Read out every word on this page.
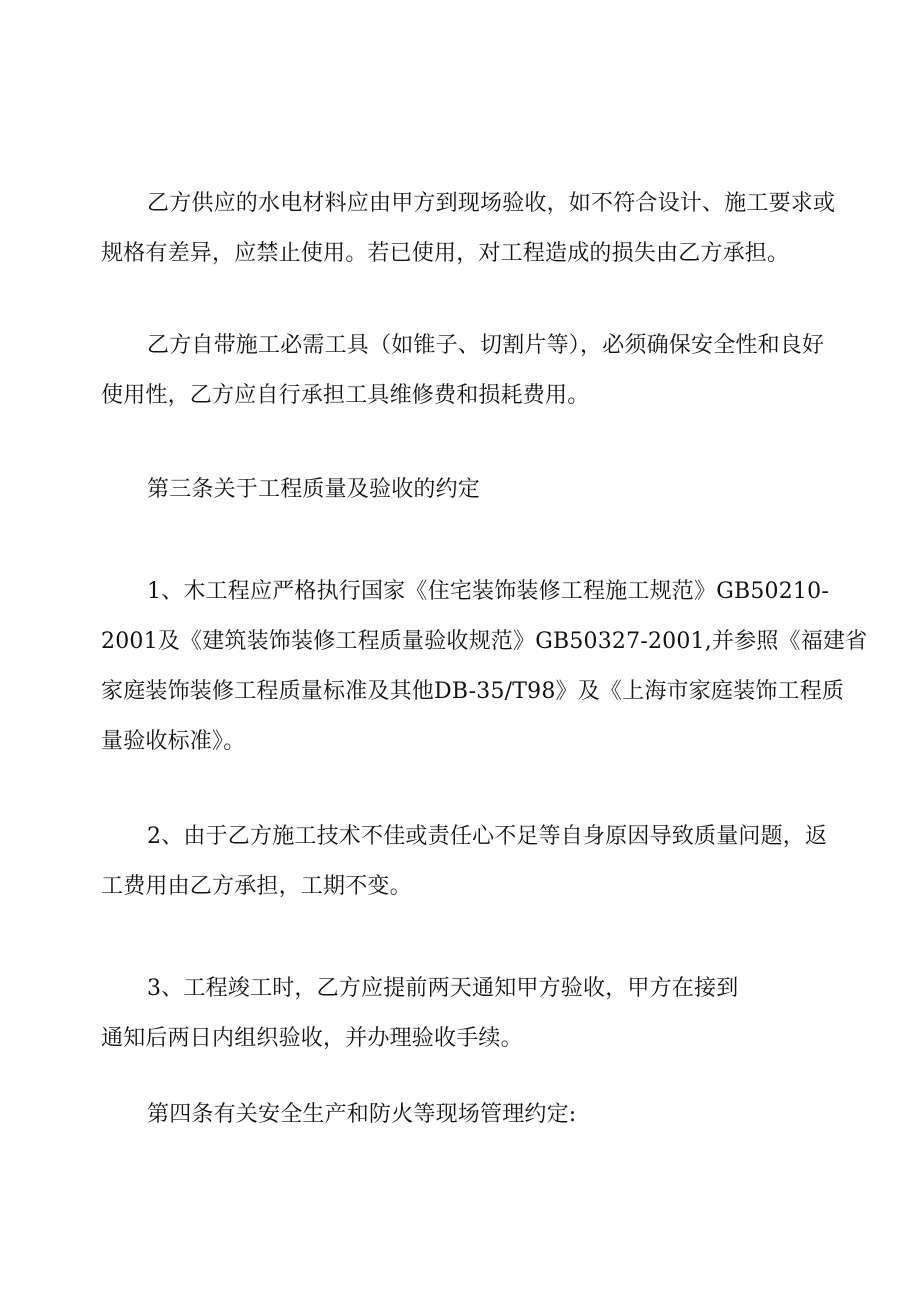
乙方供应的水电材料应由甲方到现场验收，如不符合设计、施工要求或
规格有差异，应禁止使用。若已使用，对工程造成的损失由乙方承担。

乙方自带施工必需工具（如锥子、切割片等），必须确保安全性和良好
使用性，乙方应自行承担工具维修费和损耗费用。

第三条关于工程质量及验收的约定

1、木工程应严格执行国家《住宅装饰装修工程施工规范》GB50210-
2001及《建筑装饰装修工程质量验收规范》GB50327-2001,并参照《福建省
家庭装饰装修工程质量标准及其他DB-35/T98》及《上海市家庭装饰工程质
量验收标准》。

2、由于乙方施工技术不佳或责任心不足等自身原因导致质量问题，返
工费用由乙方承担，工期不变。

3、工程竣工时，乙方应提前两天通知甲方验收，甲方在接到
通知后两日内组织验收，并办理验收手续。

第四条有关安全生产和防火等现场管理约定:
